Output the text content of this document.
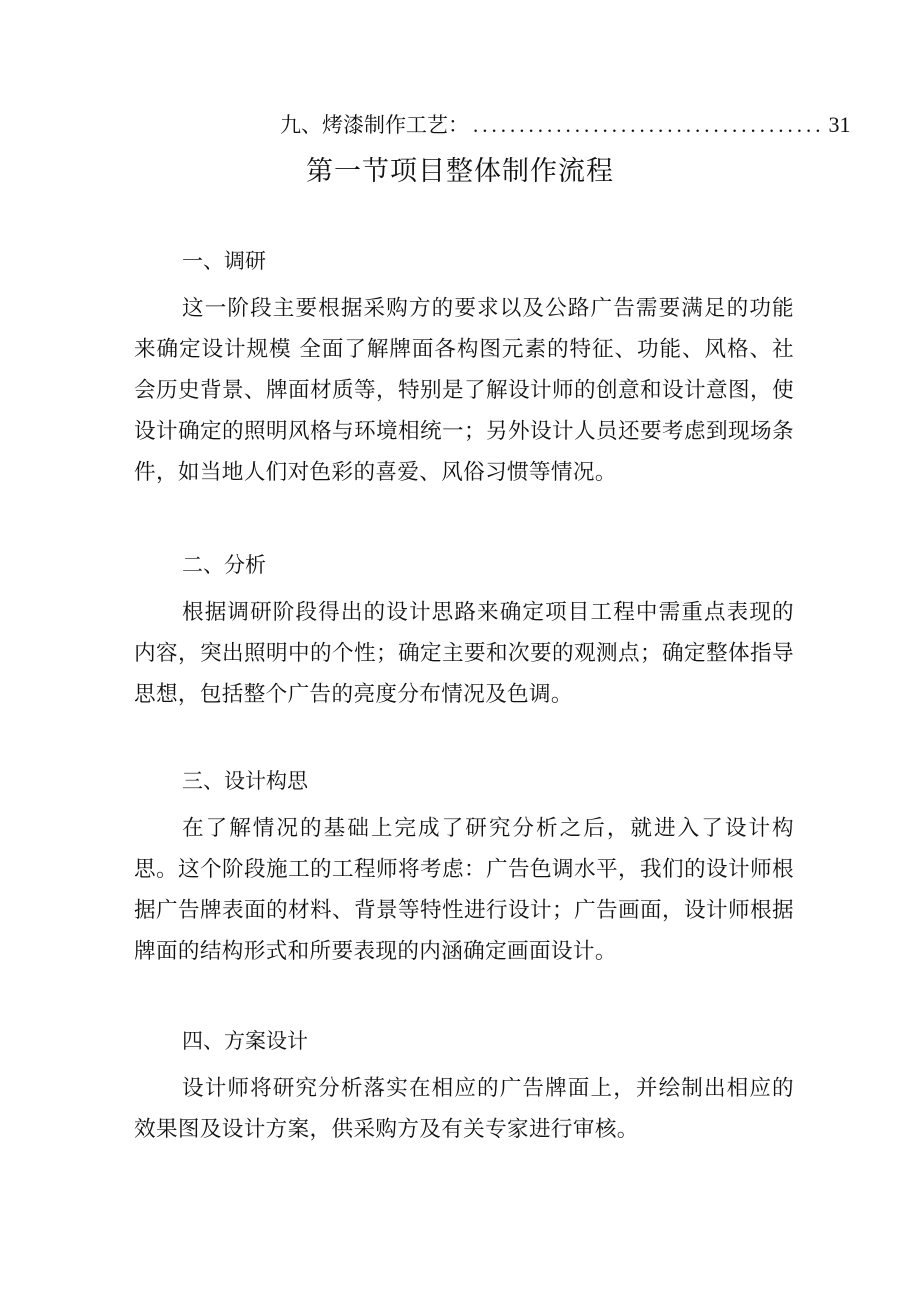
九、烤漆制作工艺： ...................................... 31
第一节项目整体制作流程
一、调研

这一阶段主要根据采购方的要求以及公路广告需要满足的功能来确定设计规模 全面了解牌面各构图元素的特征、功能、风格、社会历史背景、牌面材质等，特别是了解设计师的创意和设计意图，使设计确定的照明风格与环境相统一；另外设计人员还要考虑到现场条件，如当地人们对色彩的喜爱、风俗习惯等情况。

二、分析

根据调研阶段得出的设计思路来确定项目工程中需重点表现的内容，突出照明中的个性；确定主要和次要的观测点；确定整体指导思想，包括整个广告的亮度分布情况及色调。

三、设计构思

在了解情况的基础上完成了研究分析之后，就进入了设计构思。这个阶段施工的工程师将考虑：广告色调水平，我们的设计师根据广告牌表面的材料、背景等特性进行设计；广告画面，设计师根据牌面的结构形式和所要表现的内涵确定画面设计。

四、方案设计

设计师将研究分析落实在相应的广告牌面上，并绘制出相应的效果图及设计方案，供采购方及有关专家进行审核。
